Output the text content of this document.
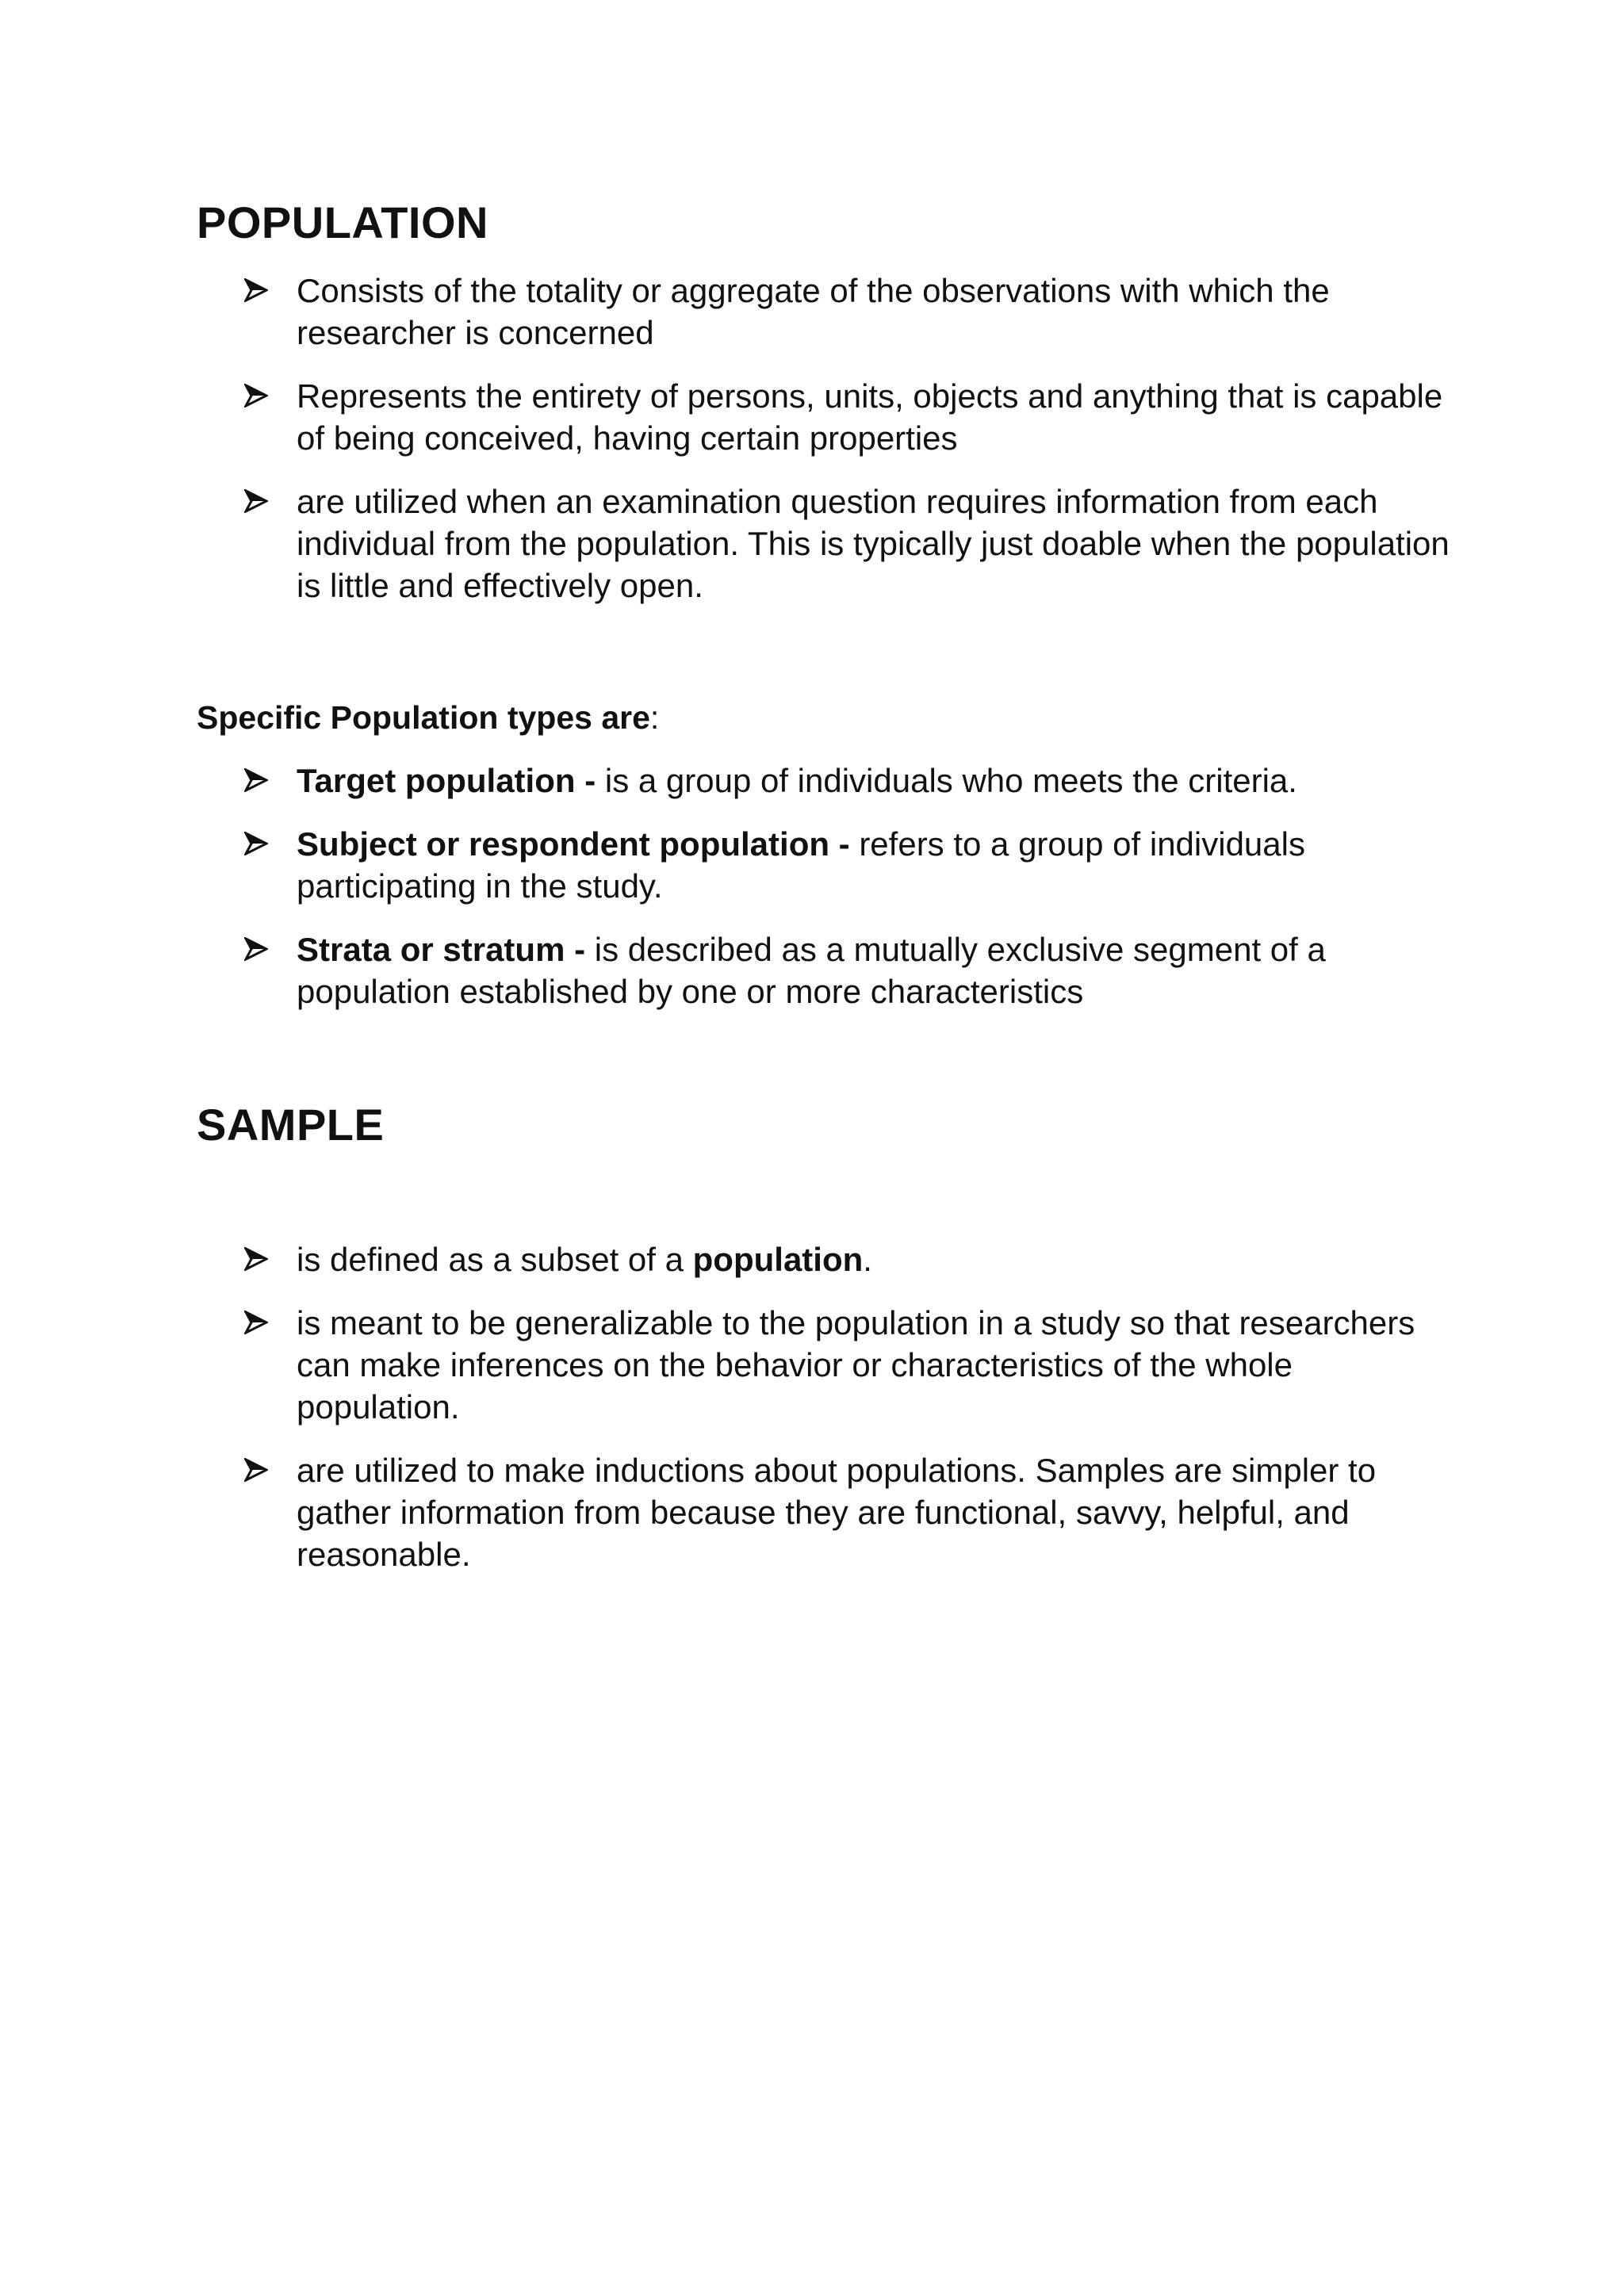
POPULATION
Consists of the totality or aggregate of the observations with which the researcher is concerned
Represents the entirety of persons, units, objects and anything that is capable of being conceived, having certain properties
are utilized when an examination question requires information from each individual from the population. This is typically just doable when the population is little and effectively open.

Specific Population types are:

Target population - is a group of individuals who meets the criteria.
Subject or respondent population - refers to a group of individuals participating in the study.
Strata or stratum - is described as a mutually exclusive segment of a population established by one or more characteristics
SAMPLE
is defined as a subset of a population.
is meant to be generalizable to the population in a study so that researchers can make inferences on the behavior or characteristics of the whole population.
are utilized to make inductions about populations. Samples are simpler to gather information from because they are functional, savvy, helpful, and reasonable.
